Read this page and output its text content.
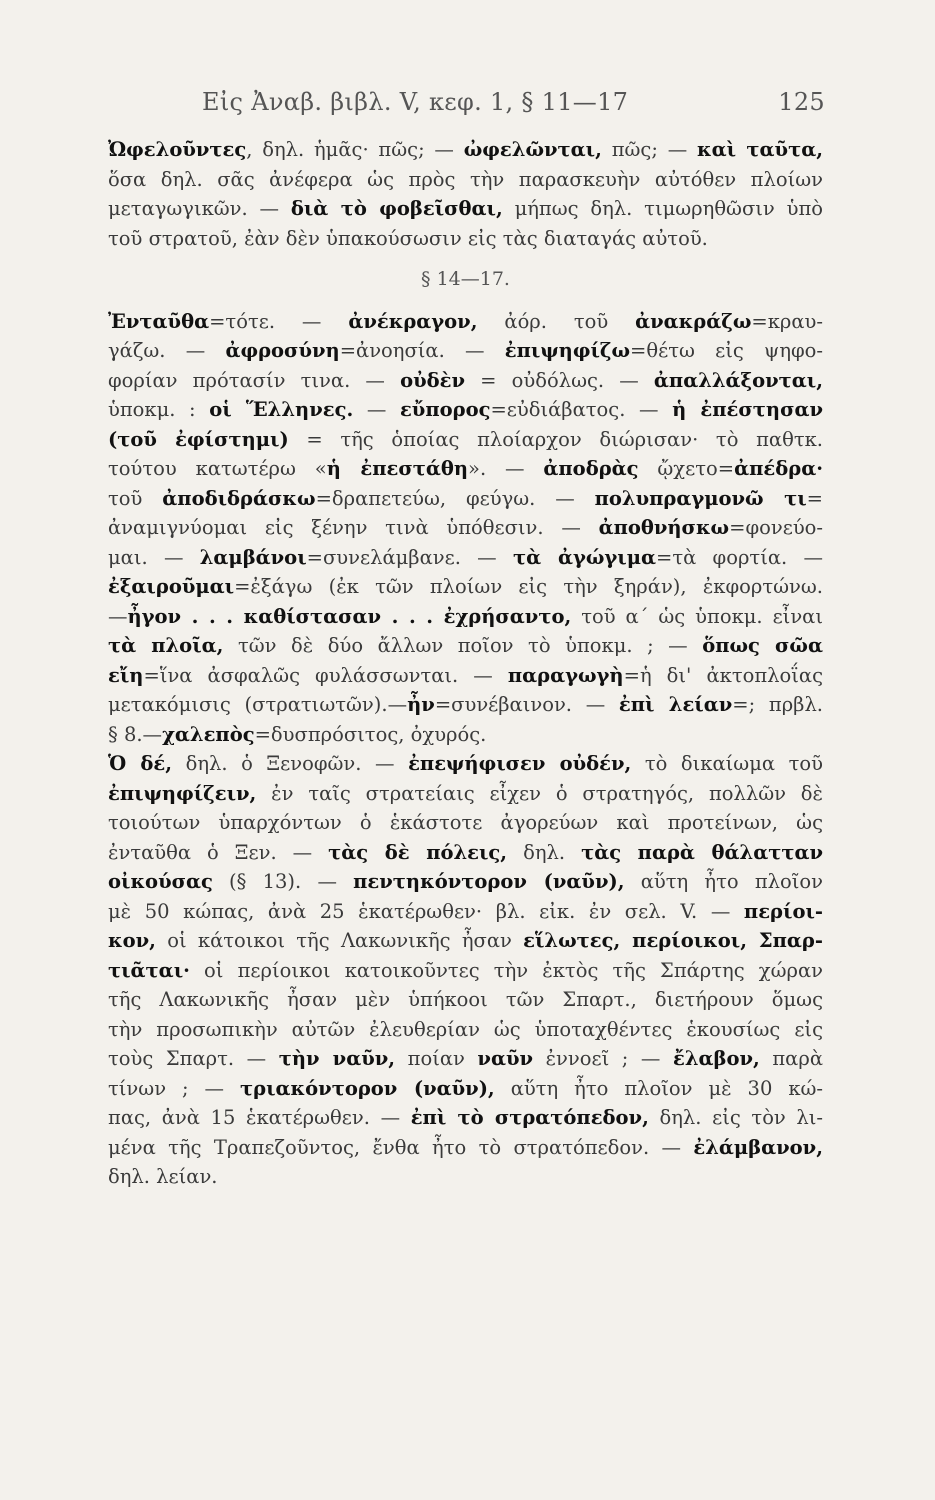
Εἰς Ἀναβ. βιβλ. V, κεφ. 1, § 11—17	125
Ὠφελοῦντες, δηλ. ἡμᾶς· πῶς; — ὠφελῶνται, πῶς; — καὶ ταῦτα,
ὅσα δηλ. σᾶς ἀνέφερα ὡς πρὸς τὴν παρασκευὴν αὐτόθεν πλοίων
μεταγωγικῶν. — διὰ τὸ φοβεῖσθαι, μήπως δηλ. τιμωρηθῶσιν ὑπὸ
τοῦ στρατοῦ, ἐὰν δὲν ὑπακούσωσιν εἰς τὰς διαταγάς αὐτοῦ.
§ 14—17.
Ἐνταῦθα=τότε. — ἀνέκραγον, ἀόρ. τοῦ ἀνακράζω=κραυ-
γάζω. — ἀφροσύνη=ἀνοησία. — ἐπιψηφίζω=θέτω εἰς ψηφο-
φορίαν πρότασίν τινα. — οὐδὲν = οὐδόλως. — ἀπαλλάξονται,
ὑποκμ. : οἱ Ἕλληνες. — εὔπορος=εὐδιάβατος. — ἡ ἐπέστησαν
(τοῦ ἐφίστημι) = τῆς ὁποίας πλοίαρχον διώρισαν· τὸ παθτκ.
τούτου κατωτέρω «ἡ ἐπεστάθη». — ἀποδρὰς ᾤχετο=ἀπέδρα·
τοῦ ἀποδιδράσκω=δραπετεύω, φεύγω. — πολυπραγμονῶ τι=
ἀναμιγνύομαι εἰς ξένην τινὰ ὑπόθεσιν. — ἀποθνήσκω=φονεύο-
μαι. — λαμβάνοι=συνελάμβανε. — τὰ ἀγώγιμα=τὰ φορτία. —
ἐξαιροῦμαι=ἐξάγω (ἐκ τῶν πλοίων εἰς τὴν ξηράν), ἐκφορτώνω.
—ἦγον . . . καθίστασαν . . . ἐχρήσαντο, τοῦ α΄ ὡς ὑποκμ. εἶναι
τὰ πλοῖα, τῶν δὲ δύο ἄλλων ποῖον τὸ ὑποκμ. ; — ὅπως σῶα
εἴη=ἵνα ἀσφαλῶς φυλάσσωνται. — παραγωγὴ=ἡ δι' ἀκτοπλοΐας
μετακόμισις (στρατιωτῶν).—ἦν=συνέβαινον. — ἐπὶ λείαν=; πρβλ.
§ 8.—χαλεπὸς=δυσπρόσιτος, ὀχυρός.
Ὁ δέ, δηλ. ὁ Ξενοφῶν. — ἐπεψήφισεν οὐδέν, τὸ δικαίωμα τοῦ
ἐπιψηφίζειν, ἐν ταῖς στρατείαις εἶχεν ὁ στρατηγός, πολλῶν δὲ
τοιούτων ὑπαρχόντων ὁ ἑκάστοτε ἀγορεύων καὶ προτείνων, ὡς
ἐνταῦθα ὁ Ξεν. — τὰς δὲ πόλεις, δηλ. τὰς παρὰ θάλατταν
οἰκούσας (§ 13). — πεντηκόντορον (ναῦν), αὕτη ἦτο πλοῖον
μὲ 50 κώπας, ἀνὰ 25 ἑκατέρωθεν· βλ. εἰκ. ἐν σελ. V. — περίοι-
κον, οἱ κάτοικοι τῆς Λακωνικῆς ἦσαν εἵλωτες, περίοικοι, Σπαρ-
τιᾶται· οἱ περίοικοι κατοικοῦντες τὴν ἐκτὸς τῆς Σπάρτης χώραν
τῆς Λακωνικῆς ἦσαν μὲν ὑπήκοοι τῶν Σπαρτ., διετήρουν ὅμως
τὴν προσωπικὴν αὐτῶν ἐλευθερίαν ὡς ὑποταχθέντες ἑκουσίως εἰς
τοὺς Σπαρτ. — τὴν ναῦν, ποίαν ναῦν ἐννοεῖ ; — ἔλαβον, παρὰ
τίνων ; — τριακόντορον (ναῦν), αὕτη ἦτο πλοῖον μὲ 30 κώ-
πας, ἀνὰ 15 ἑκατέρωθεν. — ἐπὶ τὸ στρατόπεδον, δηλ. εἰς τὸν λι-
μένα τῆς Τραπεζοῦντος, ἔνθα ἦτο τὸ στρατόπεδον. — ἐλάμβανον,
δηλ. λείαν.
